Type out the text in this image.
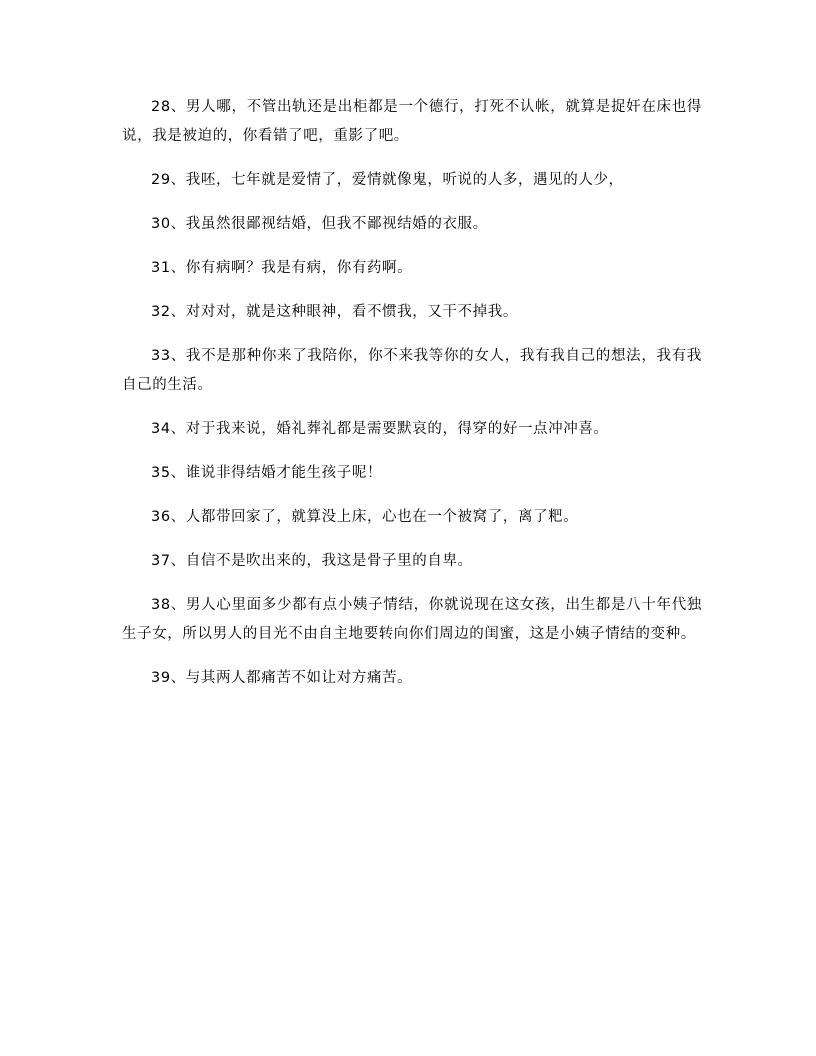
28、男人哪，不管出轨还是出柜都是一个德行，打死不认帐，就算是捉奸在床也得说，我是被迫的，你看错了吧，重影了吧。

29、我呸，七年就是爱情了，爱情就像鬼，听说的人多，遇见的人少，

30、我虽然很鄙视结婚，但我不鄙视结婚的衣服。

31、你有病啊？我是有病，你有药啊。

32、对对对，就是这种眼神，看不惯我，又干不掉我。

33、我不是那种你来了我陪你，你不来我等你的女人，我有我自己的想法，我有我自己的生活。

34、对于我来说，婚礼葬礼都是需要默哀的，得穿的好一点冲冲喜。

35、谁说非得结婚才能生孩子呢！

36、人都带回家了，就算没上床，心也在一个被窝了，离了粑。

37、自信不是吹出来的，我这是骨子里的自卑。

38、男人心里面多少都有点小姨子情结，你就说现在这女孩，出生都是八十年代独生子女，所以男人的目光不由自主地要转向你们周边的闺蜜，这是小姨子情结的变种。

39、与其两人都痛苦不如让对方痛苦。
